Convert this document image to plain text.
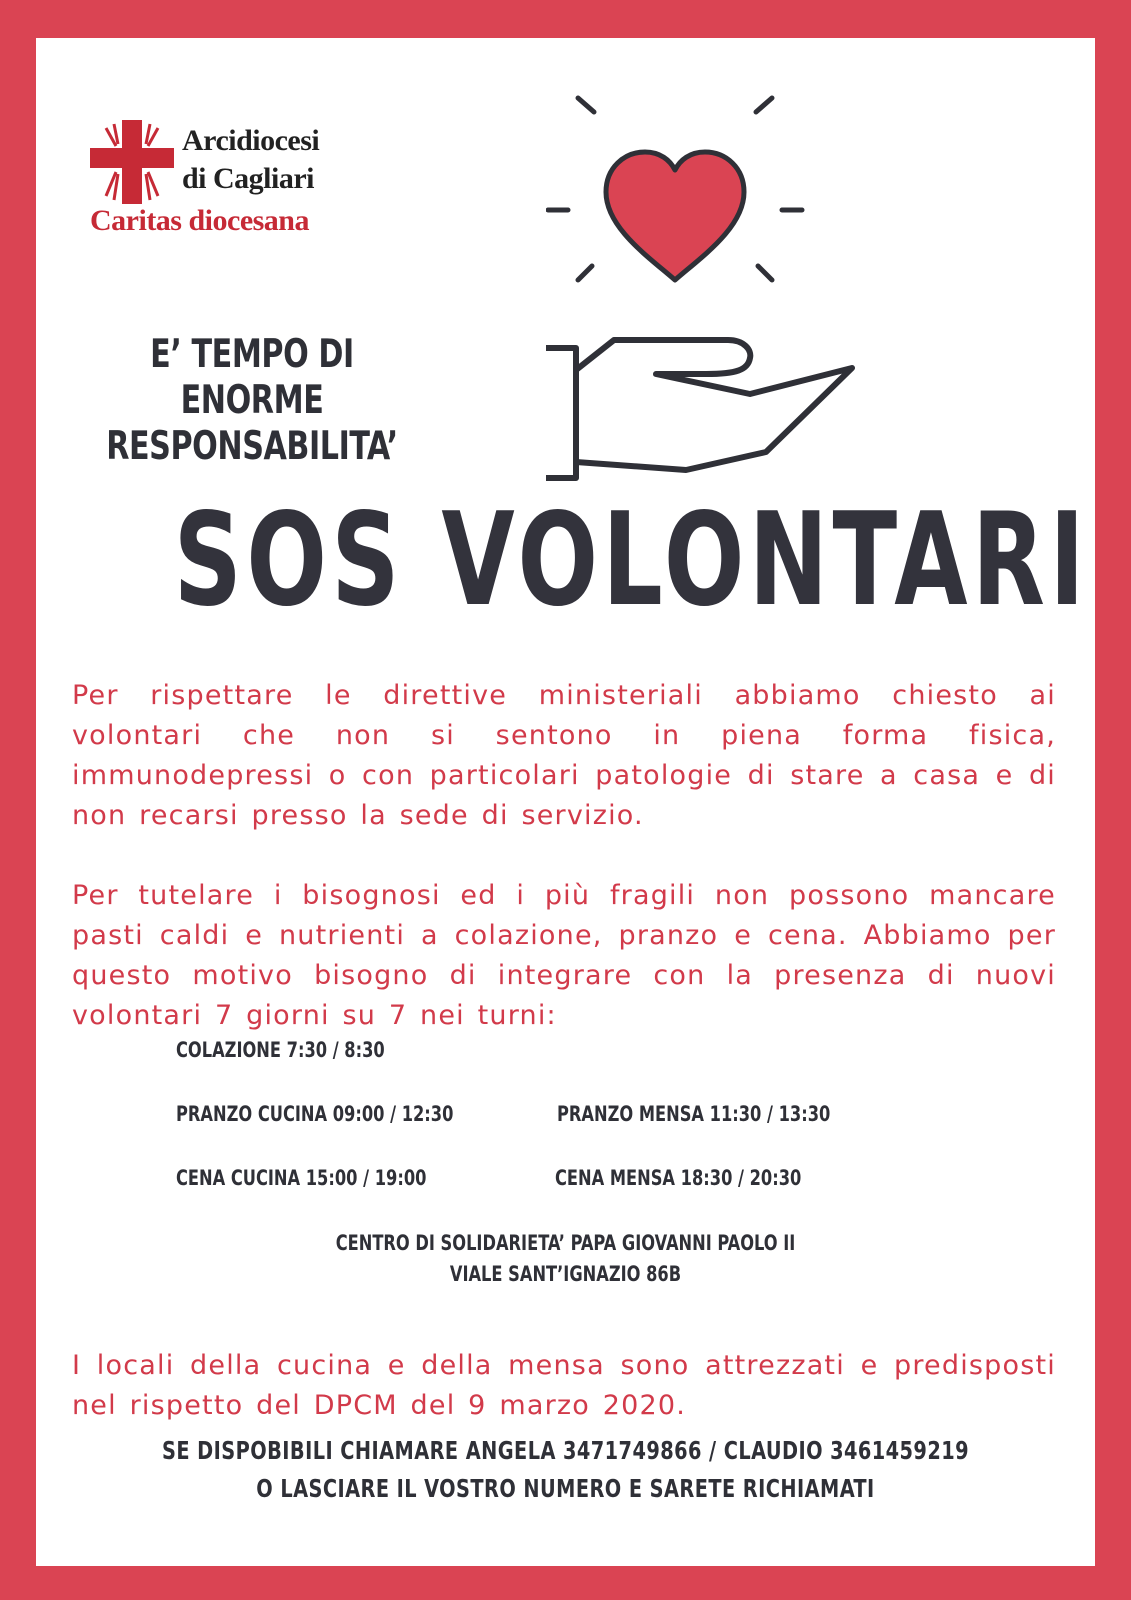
Arcidiocesi
di Cagliari
Caritas diocesana
E’ TEMPO DI ENORME
RESPONSABILITA’
SOS VOLONTARI

Per rispettare le direttive ministeriali abbiamo chiesto ai volontari che non si sentono in piena forma fisica, immunodepressi o con particolari patologie di stare a casa e di non recarsi presso la sede di servizio.

Per tutelare i bisognosi ed i più fragili non possono mancare pasti caldi e nutrienti a colazione, pranzo e cena. Abbiamo per questo motivo bisogno di integrare con la presenza di nuovi volontari 7 giorni su 7 nei turni:

COLAZIONE 7:30 / 8:30
PRANZO CUCINA 09:00 / 12:30	PRANZO MENSA 11:30 / 13:30
CENA CUCINA 15:00 / 19:00	CENA MENSA 18:30 / 20:30
CENTRO DI SOLIDARIETA’ PAPA GIOVANNI PAOLO II
VIALE SANT’IGNAZIO 86B

I locali della cucina e della mensa sono attrezzati e predisposti nel rispetto del DPCM del 9 marzo 2020.

SE DISPOBIBILI CHIAMARE ANGELA 3471749866 / CLAUDIO 3461459219
O LASCIARE IL VOSTRO NUMERO E SARETE RICHIAMATI
